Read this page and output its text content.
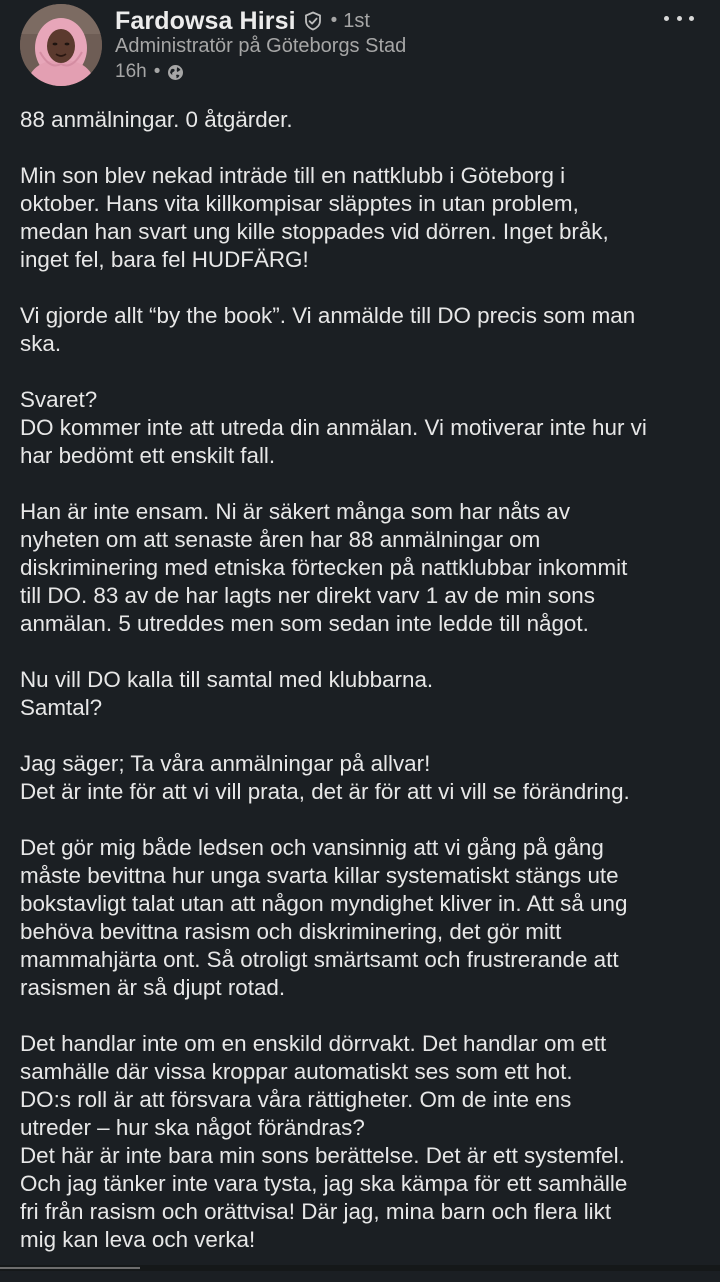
Fardowsa Hirsi • 1st
Administratör på Göteborgs Stad
16h •

88 anmälningar. 0 åtgärder.

Min son blev nekad inträde till en nattklubb i Göteborg i
oktober. Hans vita killkompisar släpptes in utan problem,
medan han svart ung kille stoppades vid dörren. Inget bråk,
inget fel, bara fel HUDFÄRG!

Vi gjorde allt “by the book”. Vi anmälde till DO precis som man
ska.

Svaret?
DO kommer inte att utreda din anmälan. Vi motiverar inte hur vi
har bedömt ett enskilt fall.

Han är inte ensam. Ni är säkert många som har nåts av
nyheten om att senaste åren har 88 anmälningar om
diskriminering med etniska förtecken på nattklubbar inkommit
till DO. 83 av de har lagts ner direkt varv 1 av de min sons
anmälan. 5 utreddes men som sedan inte ledde till något.

Nu vill DO kalla till samtal med klubbarna.
Samtal?

Jag säger; Ta våra anmälningar på allvar!
Det är inte för att vi vill prata, det är för att vi vill se förändring.

Det gör mig både ledsen och vansinnig att vi gång på gång
måste bevittna hur unga svarta killar systematiskt stängs ute
bokstavligt talat utan att någon myndighet kliver in. Att så ung
behöva bevittna rasism och diskriminering, det gör mitt
mammahjärta ont. Så otroligt smärtsamt och frustrerande att
rasismen är så djupt rotad.

Det handlar inte om en enskild dörrvakt. Det handlar om ett
samhälle där vissa kroppar automatiskt ses som ett hot.
DO:s roll är att försvara våra rättigheter. Om de inte ens
utreder – hur ska något förändras?
Det här är inte bara min sons berättelse. Det är ett systemfel.
Och jag tänker inte vara tysta, jag ska kämpa för ett samhälle
fri från rasism och orättvisa! Där jag, mina barn och flera likt
mig kan leva och verka!
